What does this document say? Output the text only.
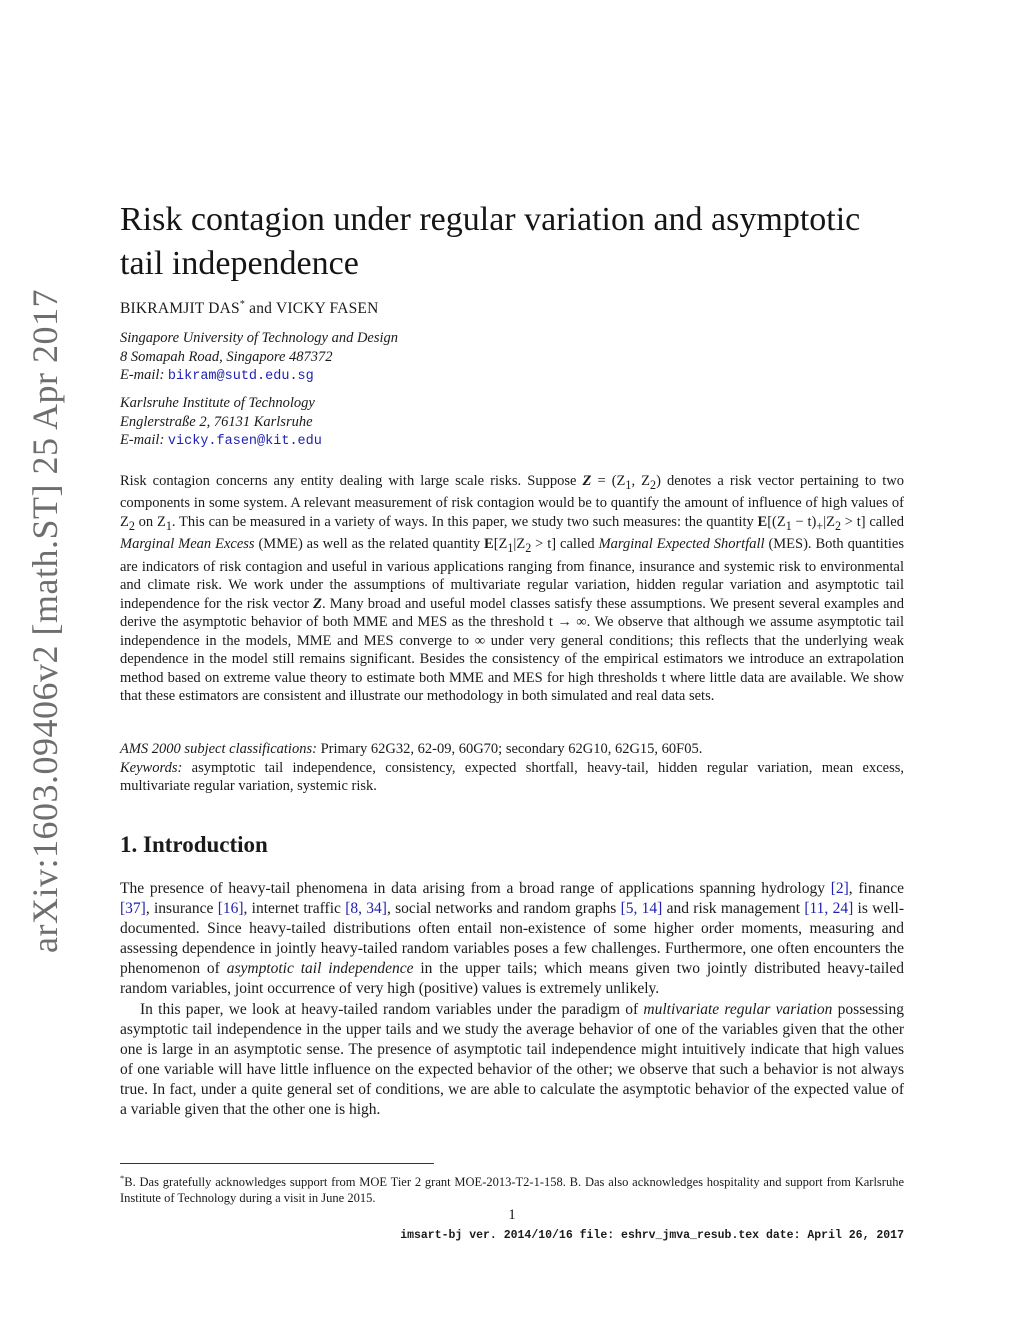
arXiv:1603.09406v2 [math.ST] 25 Apr 2017
Risk contagion under regular variation and asymptotic tail independence
BIKRAMJIT DAS* and VICKY FASEN
Singapore University of Technology and Design
8 Somapah Road, Singapore 487372
E-mail: bikram@sutd.edu.sg
Karlsruhe Institute of Technology
Englerstraße 2, 76131 Karlsruhe
E-mail: vicky.fasen@kit.edu

Risk contagion concerns any entity dealing with large scale risks. Suppose $Z = (Z_1$, $Z_2$) denotes a risk vector pertaining to two components in some system. A relevant measurement of risk contagion would be to quantify the amount of influence of high values of $Z_2$ on $Z_1$. This can be measured in a variety of ways. In this paper, we study two such measures: the quantity $E[(Z_1 - t)_+|Z_2 > t]$ called Marginal Mean Excess (MME) as well as the related quantity $E[Z_1|Z_2 > t]$ called Marginal Expected Shortfall (MES). Both quantities are indicators of risk contagion and useful in various applications ranging from finance, insurance and systemic risk to environmental and climate risk. We work under the assumptions of multivariate regular variation, hidden regular variation and asymptotic tail independence for the risk vector Z. Many broad and useful model classes satisfy these assumptions. We present several examples and derive the asymptotic behavior of both MME and MES as the threshold t → ∞. We observe that although we assume asymptotic tail independence in the models, MME and MES converge to ∞ under very general conditions; this reflects that the underlying weak dependence in the model still remains significant. Besides the consistency of the empirical estimators we introduce an extrapolation method based on extreme value theory to estimate both MME and MES for high thresholds t where little data are available. We show that these estimators are consistent and illustrate our methodology in both simulated and real data sets.

AMS 2000 subject classifications: Primary 62G32, 62-09, 60G70; secondary 62G10, 62G15, 60F05.

Keywords: asymptotic tail independence, consistency, expected shortfall, heavy-tail, hidden regular variation, mean excess, multivariate regular variation, systemic risk.

1. Introduction

The presence of heavy-tail phenomena in data arising from a broad range of applications spanning hydrology [2], finance [37], insurance [16], internet traffic [8, 34], social networks and random graphs [5, 14] and risk management [11, 24] is well-documented. Since heavy-tailed distributions often entail non-existence of some higher order moments, measuring and assessing dependence in jointly heavy-tailed random variables poses a few challenges. Furthermore, one often encounters the phenomenon of asymptotic tail independence in the upper tails; which means given two jointly distributed heavy-tailed random variables, joint occurrence of very high (positive) values is extremely unlikely.

In this paper, we look at heavy-tailed random variables under the paradigm of multivariate regular variation possessing asymptotic tail independence in the upper tails and we study the average behavior of one of the variables given that the other one is large in an asymptotic sense. The presence of asymptotic tail independence might intuitively indicate that high values of one variable will have little influence on the expected behavior of the other; we observe that such a behavior is not always true. In fact, under a quite general set of conditions, we are able to calculate the asymptotic behavior of the expected value of a variable given that the other one is high.

*B. Das gratefully acknowledges support from MOE Tier 2 grant MOE-2013-T2-1-158. B. Das also acknowledges hospitality and support from Karlsruhe Institute of Technology during a visit in June 2015.
1
imsart-bj ver. 2014/10/16 file: eshrv_jmva_resub.tex date: April 26, 2017
